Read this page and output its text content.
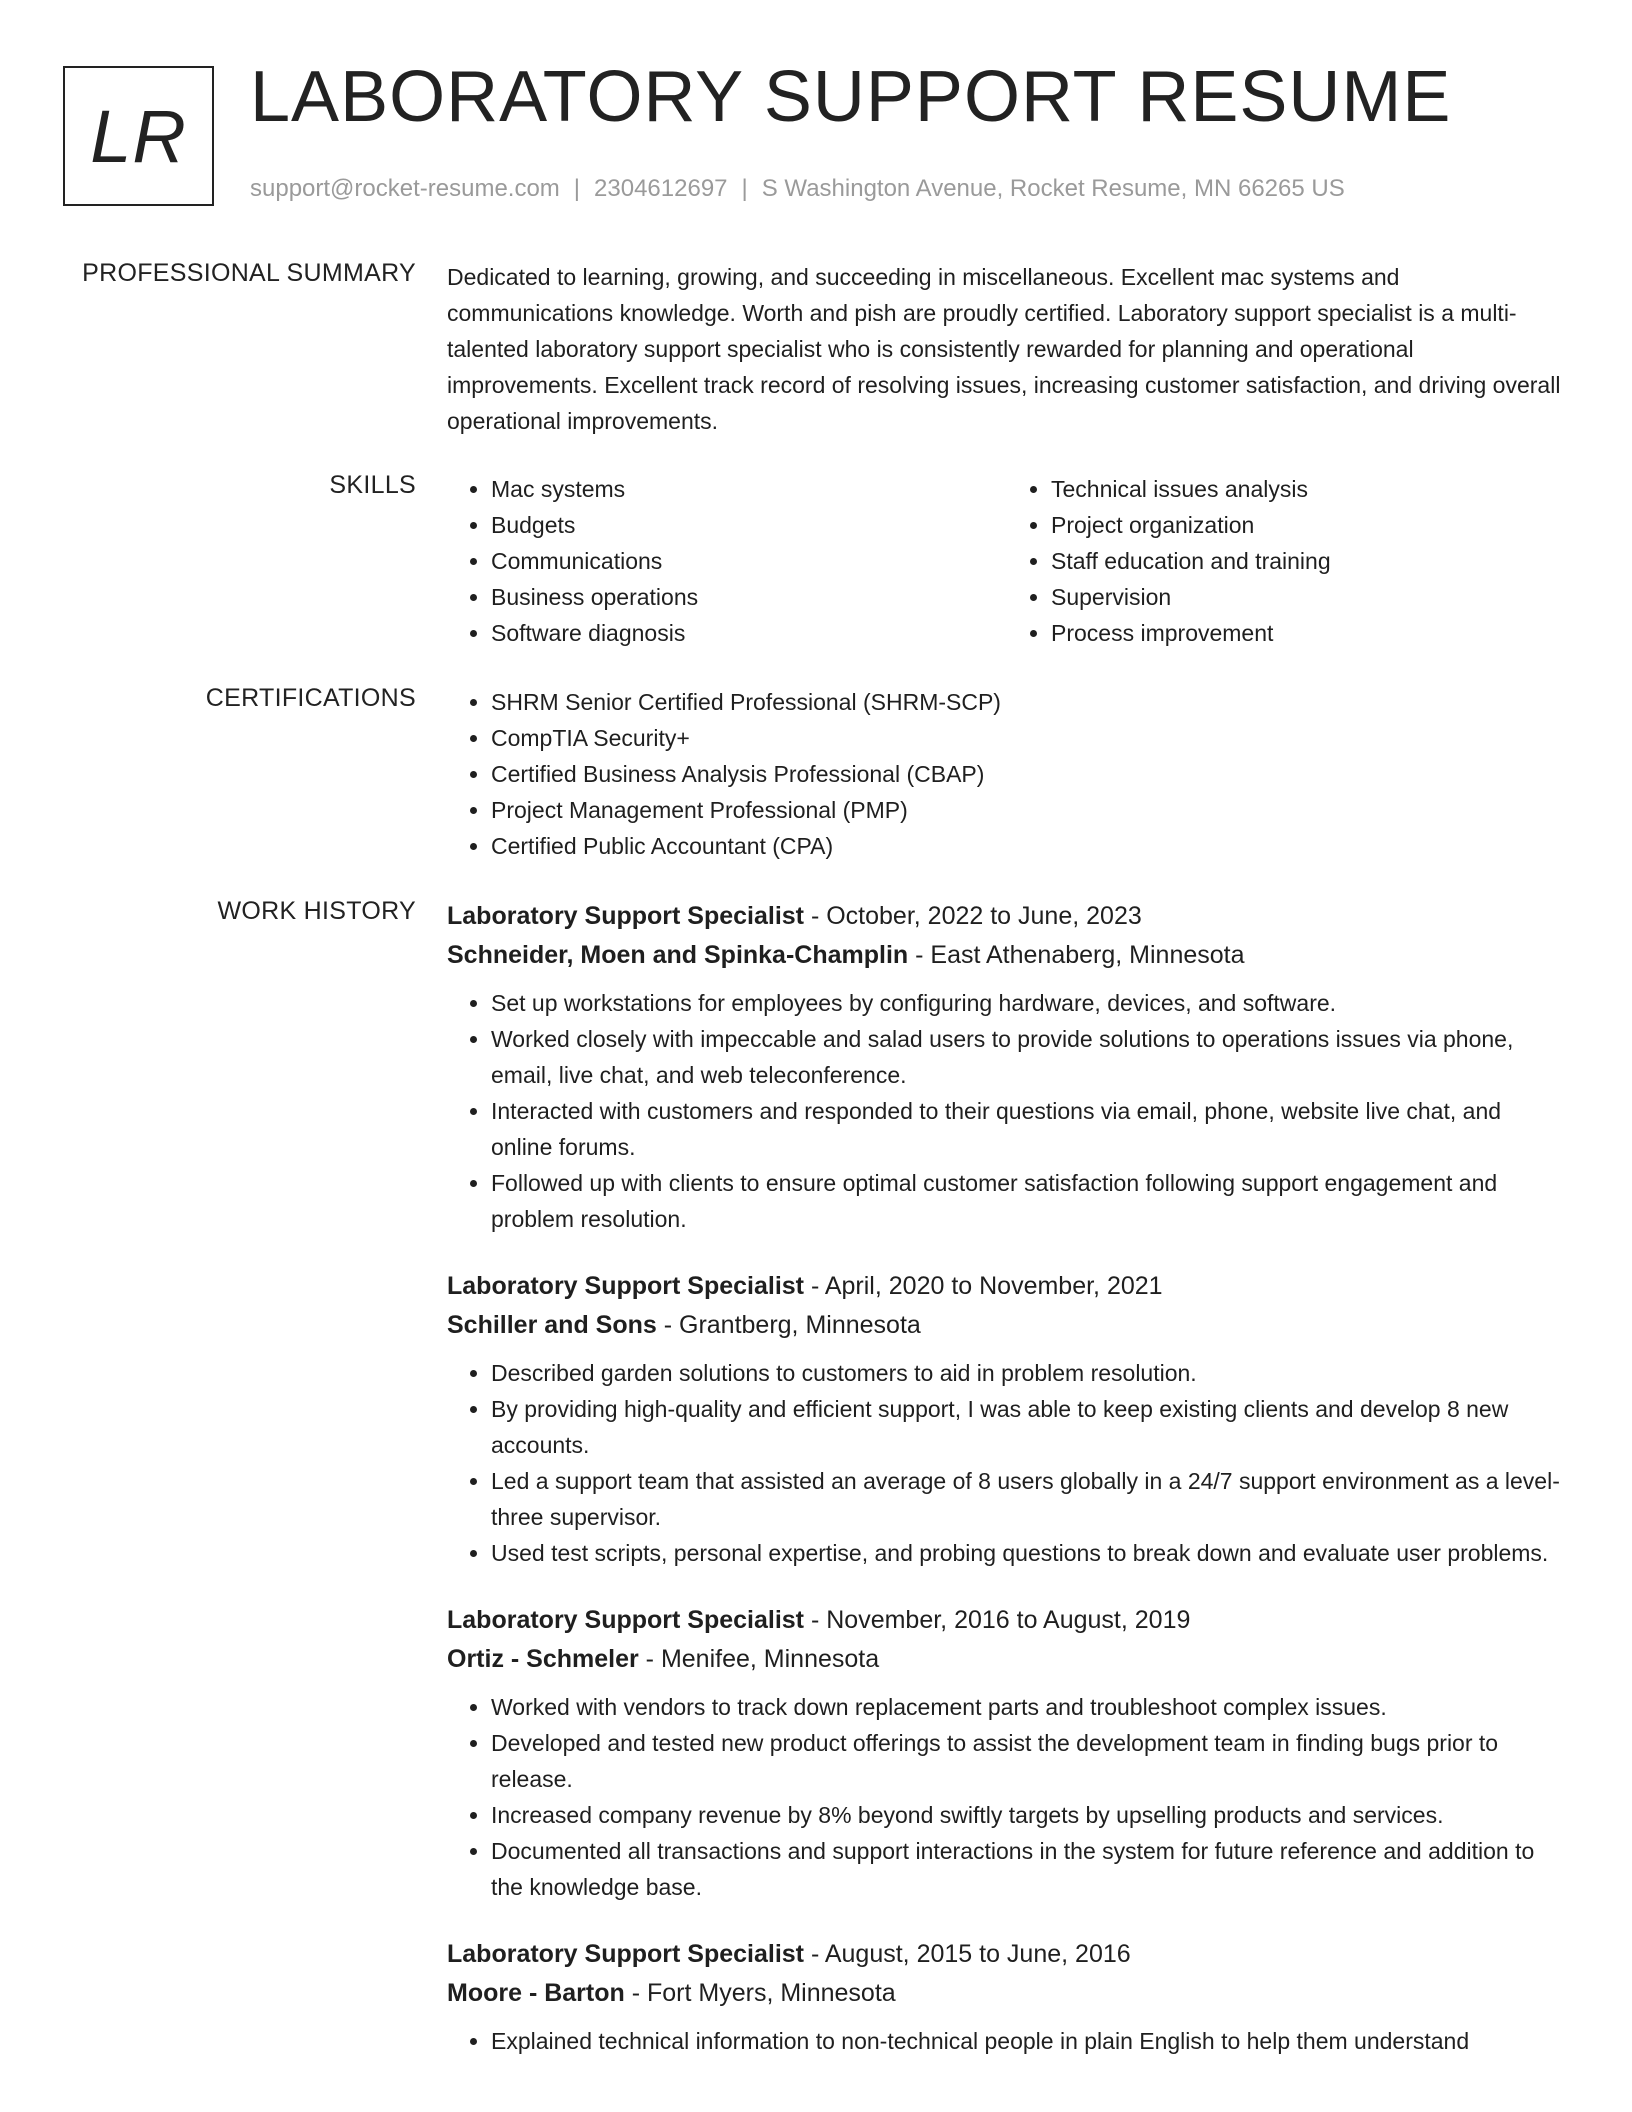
LR LABORATORY SUPPORT RESUME
support@rocket-resume.com | 2304612697 | S Washington Avenue, Rocket Resume, MN 66265 US
PROFESSIONAL SUMMARY Dedicated to learning, growing, and succeeding in miscellaneous. Excellent mac systems and communications knowledge. Worth and pish are proudly certified. Laboratory support specialist is a multi-talented laboratory support specialist who is consistently rewarded for planning and operational improvements. Excellent track record of resolving issues, increasing customer satisfaction, and driving overall operational improvements.
SKILLS	• Mac systems
• Budgets
• Communications
• Business operations
• Software diagnosis
• Technical issues analysis
• Project organization
• Staff education and training
• Supervision
• Process improvement
CERTIFICATIONS	• SHRM Senior Certified Professional (SHRM-SCP)
• CompTIA Security+
• Certified Business Analysis Professional (CBAP)
• Project Management Professional (PMP)
• Certified Public Accountant (CPA)
WORK HISTORY Laboratory Support Specialist - October, 2022 to June, 2023
Schneider, Moen and Spinka-Champlin - East Athenaberg, Minnesota
• Set up workstations for employees by configuring hardware, devices, and software.
• Worked closely with impeccable and salad users to provide solutions to operations issues via phone, email, live chat, and web teleconference.
• Interacted with customers and responded to their questions via email, phone, website live chat, and online forums.
• Followed up with clients to ensure optimal customer satisfaction following support engagement and problem resolution.
Laboratory Support Specialist - April, 2020 to November, 2021
Schiller and Sons - Grantberg, Minnesota
• Described garden solutions to customers to aid in problem resolution.
• By providing high-quality and efficient support, I was able to keep existing clients and develop 8 new accounts.
• Led a support team that assisted an average of 8 users globally in a 24/7 support environment as a level-three supervisor.
• Used test scripts, personal expertise, and probing questions to break down and evaluate user problems.
Laboratory Support Specialist - November, 2016 to August, 2019
Ortiz - Schmeler - Menifee, Minnesota
• Worked with vendors to track down replacement parts and troubleshoot complex issues.
• Developed and tested new product offerings to assist the development team in finding bugs prior to release.
• Increased company revenue by 8% beyond swiftly targets by upselling products and services.
• Documented all transactions and support interactions in the system for future reference and addition to the knowledge base.
Laboratory Support Specialist - August, 2015 to June, 2016
Moore - Barton - Fort Myers, Minnesota
• Explained technical information to non-technical people in plain English to help them understand
